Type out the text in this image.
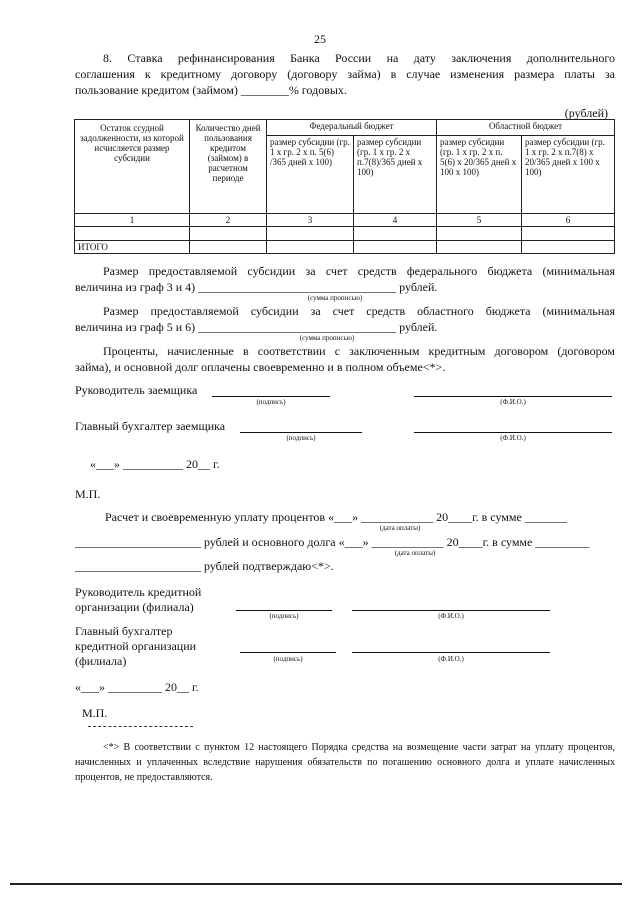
25
8. Ставка рефинансирования Банка России на дату заключения дополнительного
соглашения к кредитному договору (договору займа) в случае изменения размера платы за
пользование кредитом (займом) ________% годовых.
(рублей)
Остаток ссудной задолженности, из которой исчисляется размер субсидии	Количество дней пользования кредитом (займом) в расчетном периоде	Федеральный бюджет		Областной бюджет	
		размер субсидии (гр. 1 х гр. 2 х п. 5(6) /365 дней х 100)	размер субсидии (гр. 1 х гр. 2 х п.7(8)/365 дней х 100)	размер субсидии (гр. 1 х гр. 2 х п. 5(6) х 20/365 дней х 100 х 100)	размер субсидии (гр. 1 х гр. 2 х п.7(8) х 20/365 дней х 100 х 100)
1	2	3	4	5	6

ИТОГО					
Размер предоставляемой субсидии за счет средств федерального бюджета (минимальная
величина из граф 3 и 4) _________________________________ рублей.
(сумма прописью)
Размер предоставляемой субсидии за счет средств областного бюджета (минимальная
величина из граф 5 и 6) _________________________________ рублей.
(сумма прописью)
Проценты, начисленные в соответствии с заключенным кредитным договором (договором
займа), и основной долг оплачены своевременно и в полном объеме<*>.
Руководитель заемщика
(подпись)	(Ф.И.О.)
Главный бухгалтер заемщика
(подпись)	(Ф.И.О.)
«___» __________ 20__ г.
М.П.
Расчет и своевременную уплату процентов «___» ____________ 20____г. в сумме _______
(дата оплаты)
_____________________ рублей и основного долга «___» ____________ 20____г. в сумме _________
(дата оплаты)
_____________________ рублей подтверждаю<*>.
Руководитель кредитной
организации (филиала)
(подпись)	(Ф.И.О.)
Главный бухгалтер
кредитной организации
(филиала)	(подпись)	(Ф.И.О.)
«___» _________ 20__ г.
М.П.
<*> В соответствии с пунктом 12 настоящего Порядка средства на возмещение части затрат на уплату процентов, начисленных и уплаченных вследствие нарушения обязательств по погашению основного долга и уплате начисленных процентов, не предоставляются.
